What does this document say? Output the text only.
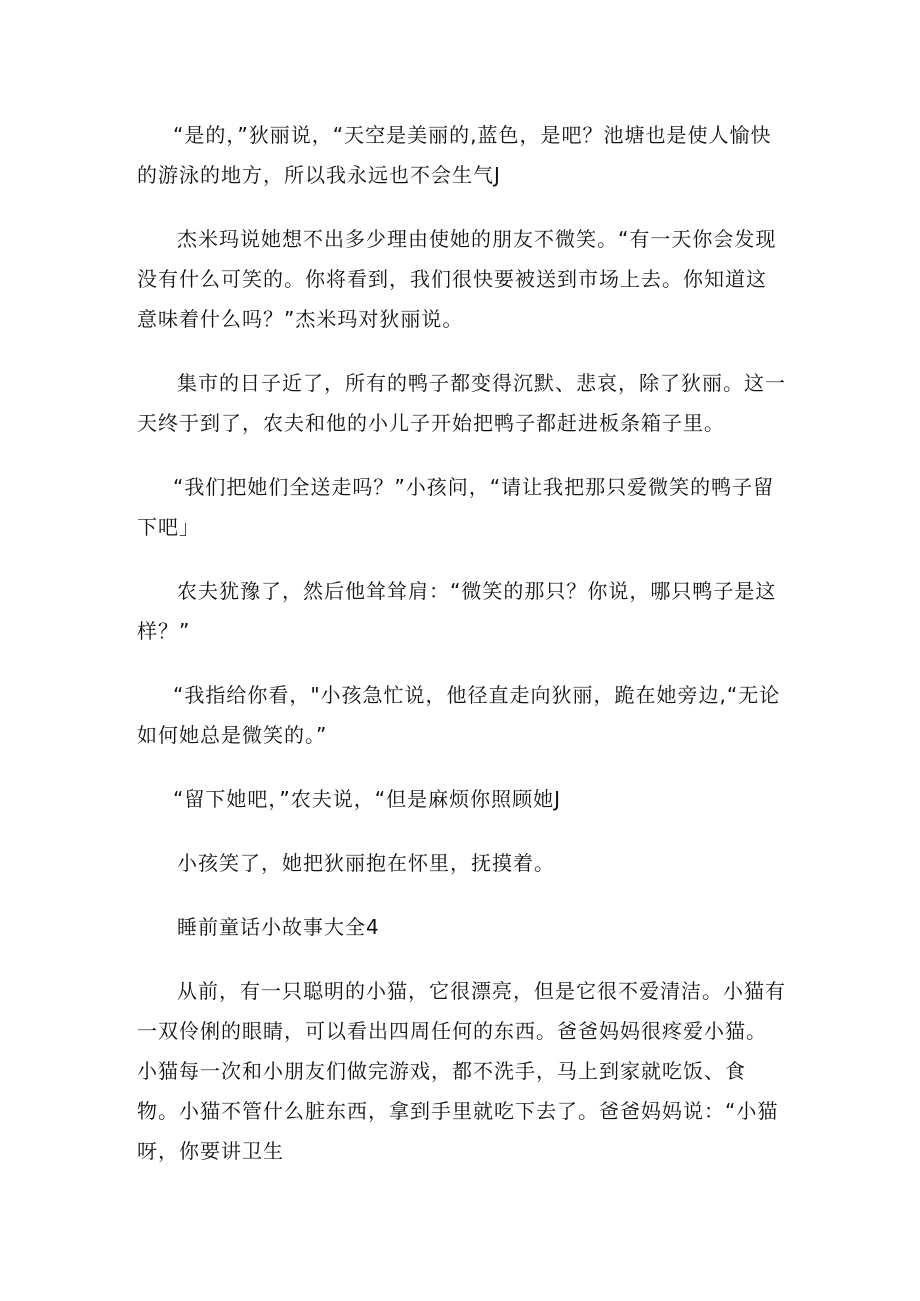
“是的，”狄丽说，“天空是美丽的,蓝色，是吧？池塘也是使人愉快的游泳的地方，所以我永远也不会生气J

杰米玛说她想不出多少理由使她的朋友不微笑。“有一天你会发现没有什么可笑的。你将看到，我们很快要被送到市场上去。你知道这意味着什么吗？”杰米玛对狄丽说。

集市的日子近了，所有的鸭子都变得沉默、悲哀，除了狄丽。这一天终于到了，农夫和他的小儿子开始把鸭子都赶进板条箱子里。

“我们把她们全送走吗？”小孩问，“请让我把那只爱微笑的鸭子留下吧」

农夫犹豫了，然后他耸耸肩：“微笑的那只？你说，哪只鸭子是这样？”

“我指给你看，"小孩急忙说，他径直走向狄丽，跪在她旁边,“无论如何她总是微笑的。”

“留下她吧，”农夫说，“但是麻烦你照顾她J

小孩笑了，她把狄丽抱在怀里，抚摸着。

睡前童话小故事大全4

从前，有一只聪明的小猫，它很漂亮，但是它很不爱清洁。小猫有一双伶俐的眼睛，可以看出四周任何的东西。爸爸妈妈很疼爱小猫。小猫每一次和小朋友们做完游戏，都不洗手，马上到家就吃饭、食物。小猫不管什么脏东西，拿到手里就吃下去了。爸爸妈妈说：“小猫呀，你要讲卫生
